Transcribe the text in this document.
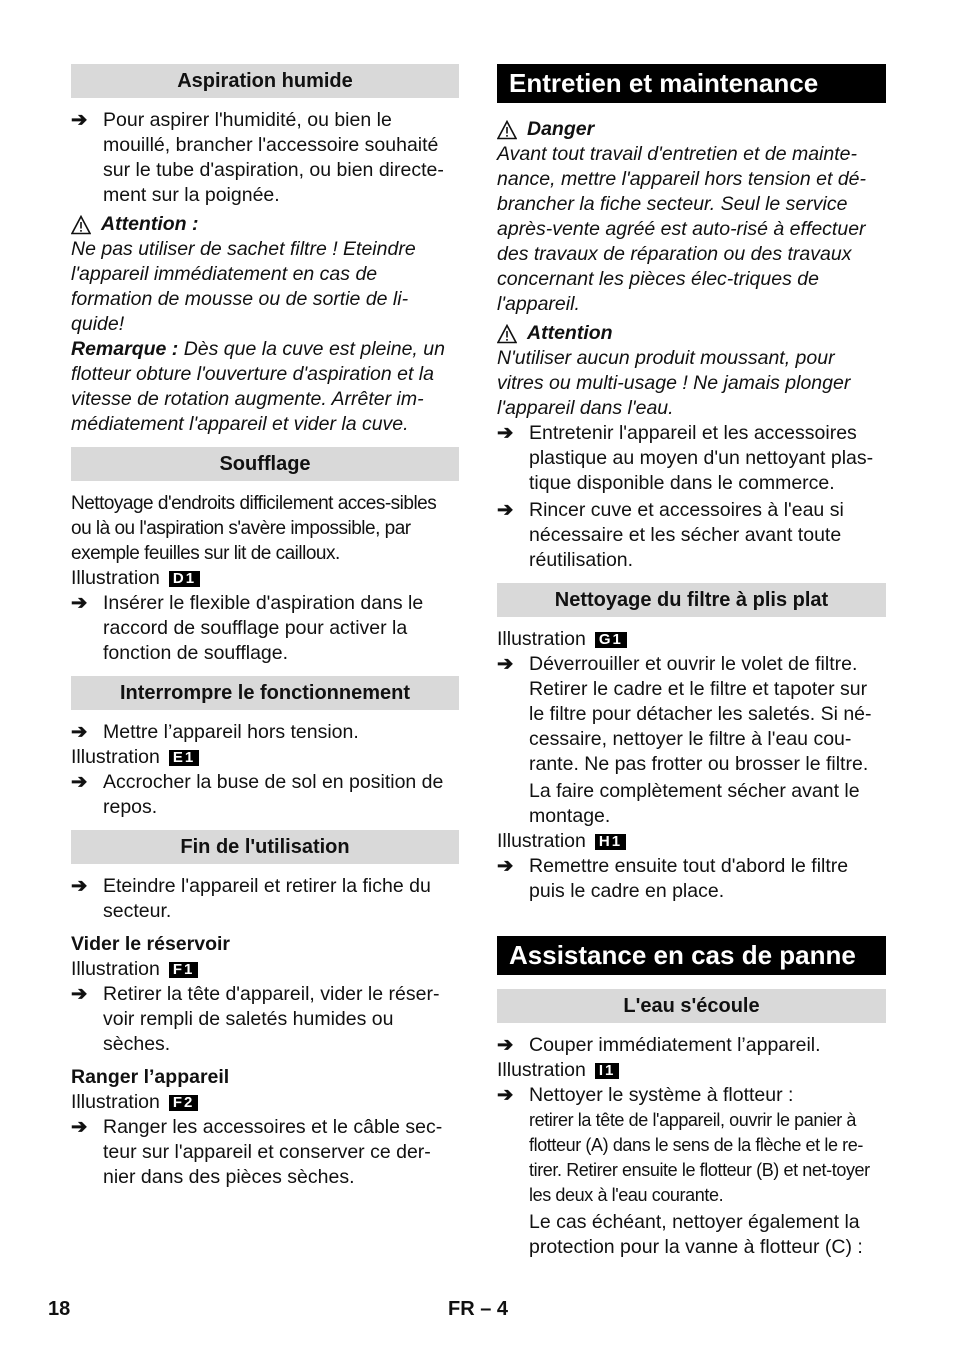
Aspiration humide
➔ Pour aspirer l'humidité, ou bien le mouillé, brancher l'accessoire souhaité sur le tube d'aspiration, ou bien directe-ment sur la poignée.
Attention :

Ne pas utiliser de sachet filtre ! Eteindre l'appareil immédiatement en cas de formation de mousse ou de sortie de li-quide!

Remarque : Dès que la cuve est pleine, un flotteur obture l'ouverture d'aspiration et la vitesse de rotation augmente. Arrêter im-médiatement l'appareil et vider la cuve.

Soufflage

Nettoyage d'endroits difficilement acces-sibles ou là ou l'aspiration s'avère impossible, par exemple feuilles sur lit de cailloux.

Illustration D1
➔ Insérer le flexible d'aspiration dans le raccord de soufflage pour activer la fonction de soufflage.
Interrompre le fonctionnement
➔ Mettre l’appareil hors tension.
Illustration E1
➔ Accrocher la buse de sol en position de repos.
Fin de l'utilisation
➔ Eteindre l'appareil et retirer la fiche du secteur.
Vider le réservoir
Illustration F1
➔ Retirer la tête d'appareil, vider le réser-voir rempli de saletés humides ou sèches.
Ranger l’appareil
Illustration F2
➔ Ranger les accessoires et le câble sec-teur sur l'appareil et conserver ce der-nier dans des pièces sèches.
Entretien et maintenance
Danger

Avant tout travail d'entretien et de mainte-nance, mettre l'appareil hors tension et dé-brancher la fiche secteur. Seul le service après-vente agréé est auto-risé à effectuer des travaux de réparation ou des travaux concernant les pièces élec-triques de l'appareil.

Attention

N'utiliser aucun produit moussant, pour vitres ou multi-usage ! Ne jamais plonger l'appareil dans l'eau.

➔ Entretenir l'appareil et les accessoires plastique au moyen d'un nettoyant plas-tique disponible dans le commerce.
➔ Rincer cuve et accessoires à l'eau si nécessaire et les sécher avant toute réutilisation.
Nettoyage du filtre à plis plat
Illustration G1
➔ Déverrouiller et ouvrir le volet de filtre. Retirer le cadre et le filtre et tapoter sur le filtre pour détacher les saletés. Si né-cessaire, nettoyer le filtre à l'eau cou-rante. Ne pas frotter ou brosser le filtre.

La faire complètement sécher avant le montage.

Illustration H1
➔ Remettre ensuite tout d'abord le filtre puis le cadre en place.
Assistance en cas de panne
L'eau s'écoule
➔ Couper immédiatement l’appareil.
Illustration I1
➔ Nettoyer le système à flotteur :

retirer la tête de l'appareil, ouvrir le panier à flotteur (A) dans le sens de la flèche et le re-tirer. Retirer ensuite le flotteur (B) et net-toyer les deux à l'eau courante.

Le cas échéant, nettoyer également la protection pour la vanne à flotteur (C) :

18	FR – 4
